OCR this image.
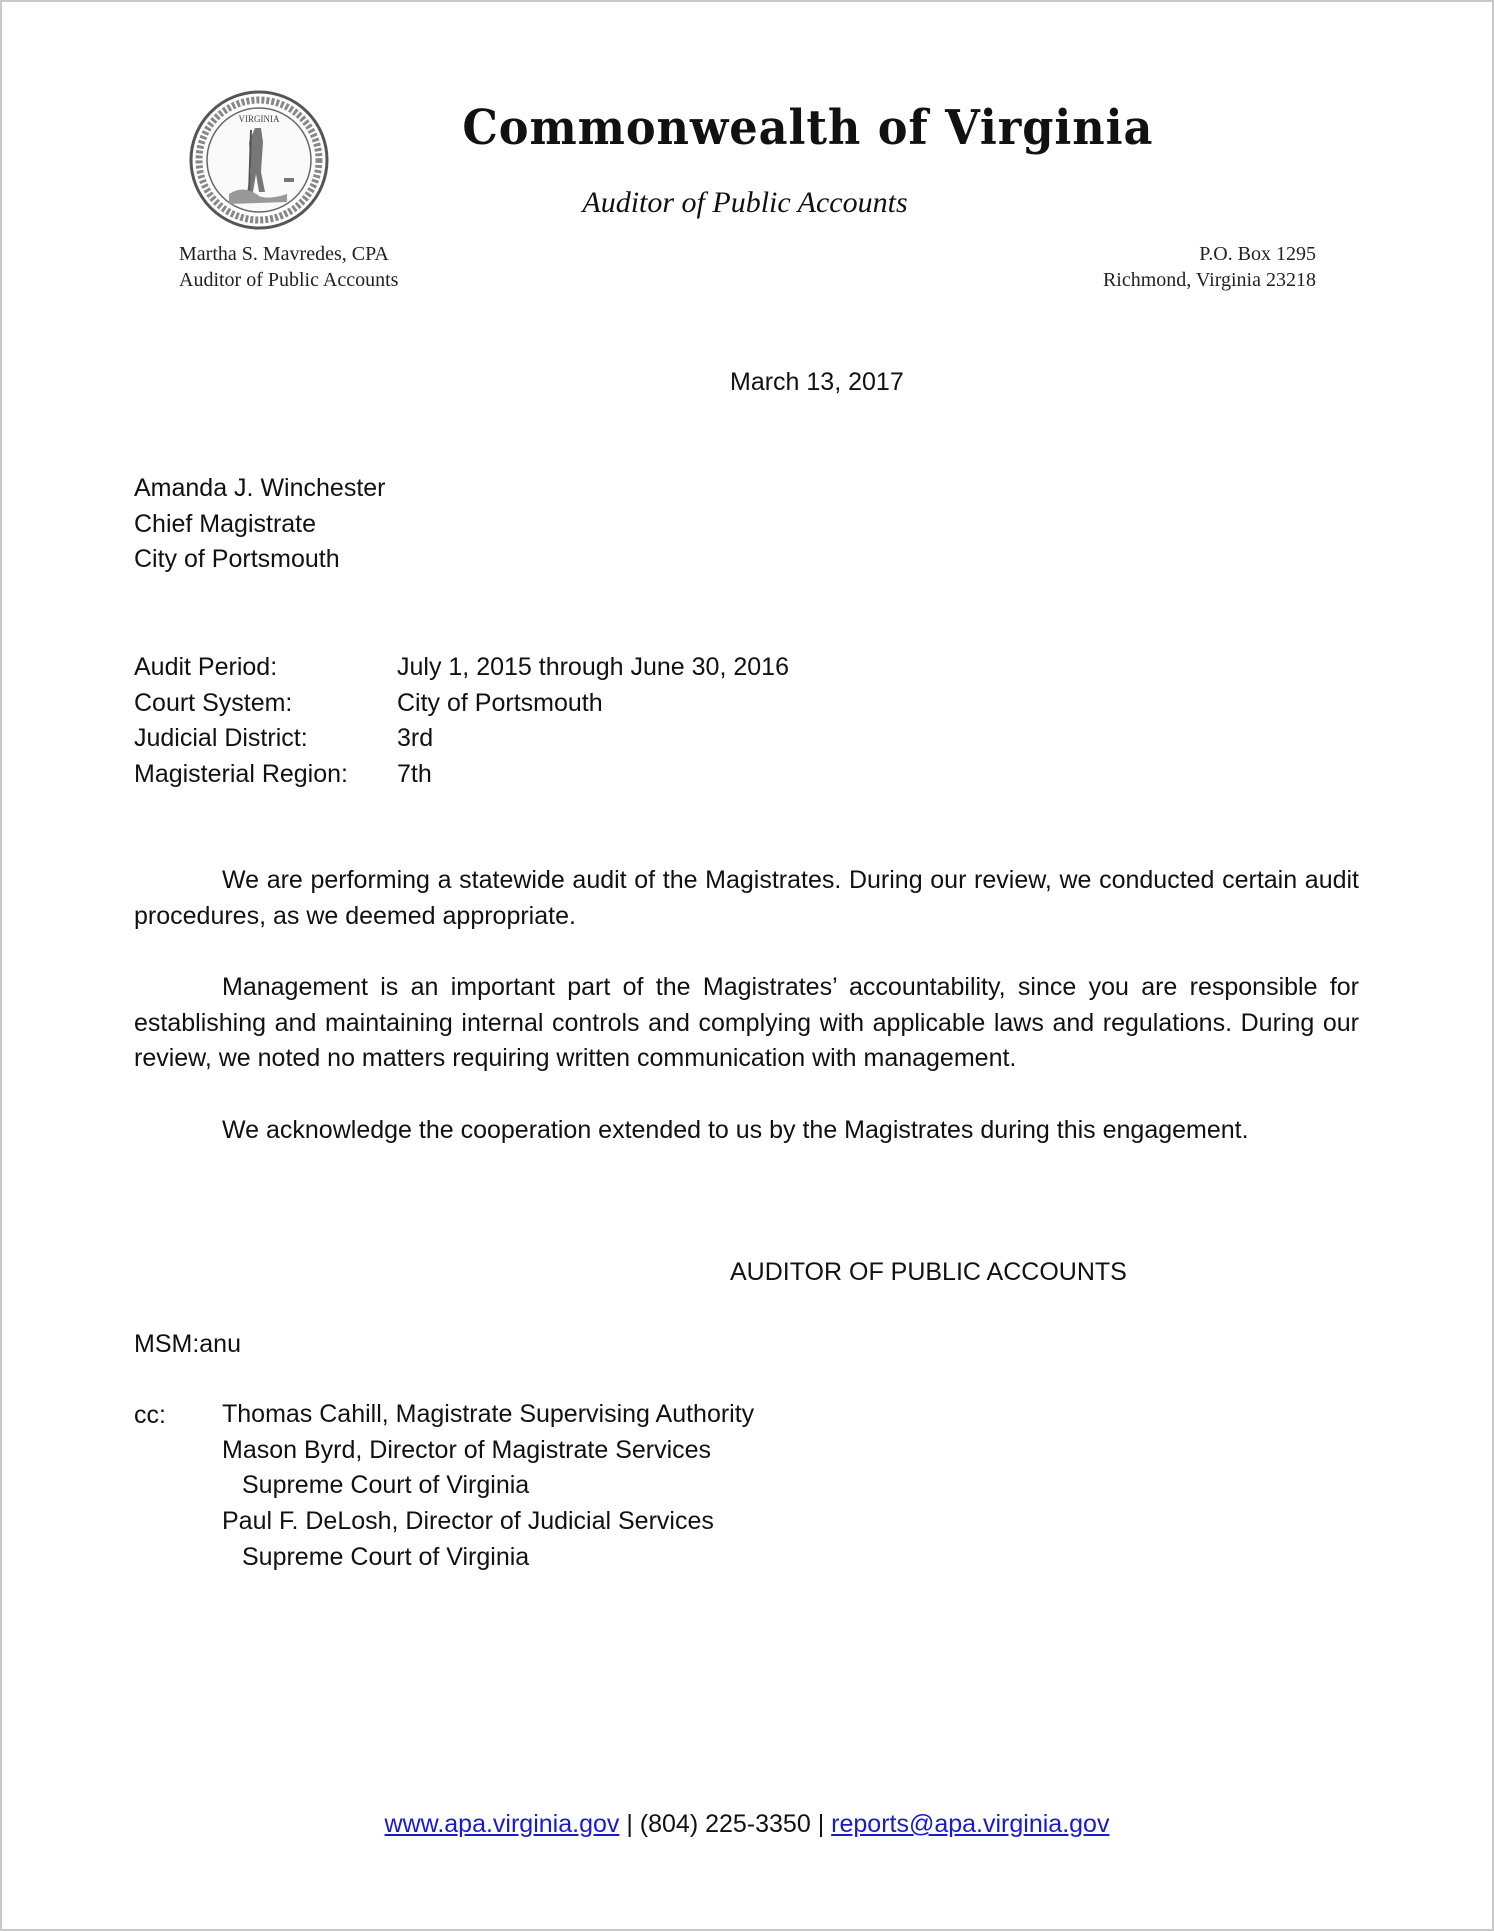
VIRGINIA	Commonwealth of Virginia
Auditor of Public Accounts
Martha S. Mavredes, CPA
Auditor of Public Accounts
P.O. Box 1295
Richmond, Virginia 23218
March 13, 2017
Amanda J. Winchester
Chief Magistrate
City of Portsmouth
Audit Period:	July 1, 2015 through June 30, 2016
Court System:	City of Portsmouth
Judicial District:	3rd
Magisterial Region: 7th
We are performing a statewide audit of the Magistrates. During our review, we conducted certain audit procedures, as we deemed appropriate.
Management is an important part of the Magistrates’ accountability, since you are responsible for establishing and maintaining internal controls and complying with applicable laws and regulations. During our review, we noted no matters requiring written communication with management.
We acknowledge the cooperation extended to us by the Magistrates during this engagement.
AUDITOR OF PUBLIC ACCOUNTS
MSM:anu
cc: Thomas Cahill, Magistrate Supervising Authority
Mason Byrd, Director of Magistrate Services
Supreme Court of Virginia
Paul F. DeLosh, Director of Judicial Services
Supreme Court of Virginia
www.apa.virginia.gov | (804) 225-3350 | reports@apa.virginia.gov
